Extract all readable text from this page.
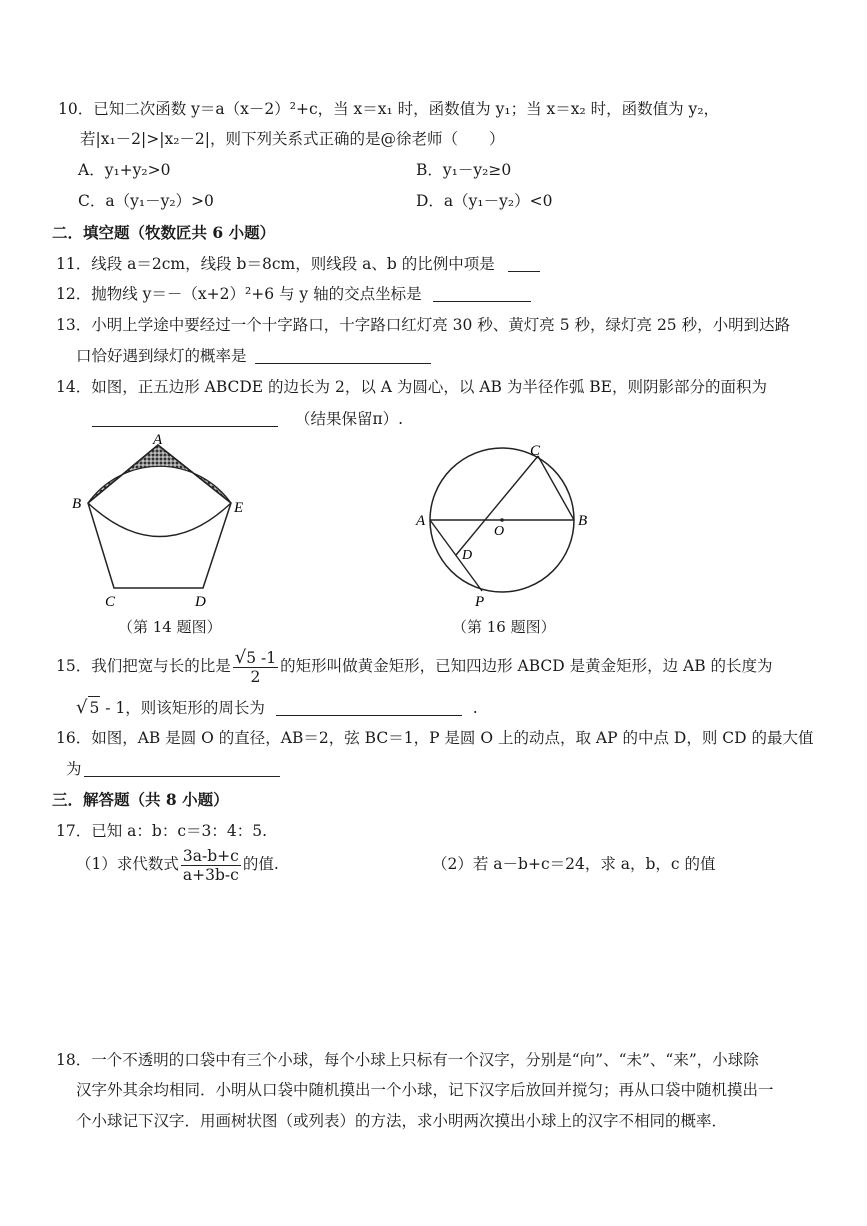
10．已知二次函数 y＝a（x－2）²+c，当 x＝x₁ 时，函数值为 y₁；当 x＝x₂ 时，函数值为 y₂，
若|x₁－2|>|x₂－2|，则下列关系式正确的是@徐老师（　　）
A．y₁+y₂>0	B．y₁－y₂≥0
C．a（y₁－y₂）>0	D．a（y₁－y₂）<0
二．填空题（牧数匠共 6 小题）
11．线段 a＝2cm，线段 b＝8cm，则线段 a、b 的比例中项是
12．抛物线 y＝－（x+2）²+6 与 y 轴的交点坐标是
13．小明上学途中要经过一个十字路口，十字路口红灯亮 30 秒、黄灯亮 5 秒，绿灯亮 25 秒，小明到达路
口恰好遇到绿灯的概率是
14．如图，正五边形 ABCDE 的边长为 2，以 A 为圆心，以 AB 为半径作弧 BE，则阴影部分的面积为
（结果保留π）.
A
B	E
C	D
（第 14 题图）
C
A	B
O
D
P
（第 16 题图）
15．我们把宽与长的比是 $\frac{√5 -1}{2}$ 的矩形叫做黄金矩形，已知四边形 ABCD 是黄金矩形，边 AB 的长度为
√ 5 - 1，则该矩形的周长为	.
16．如图，AB 是圆 O 的直径，AB＝2，弦 BC＝1，P 是圆 O 上的动点，取 AP 的中点 D，则 CD 的最大值
为
三．解答题（共 8 小题）
17．已知 a：b：c＝3：4：5.
（1）求代数式 $\frac{3a-b+c}{a+3b-c}$ 的值.	（2）若 a－b+c＝24，求 a，b，c 的值
18．一个不透明的口袋中有三个小球，每个小球上只标有一个汉字，分别是“向”、“未”、“来”，小球除
汉字外其余均相同．小明从口袋中随机摸出一个小球，记下汉字后放回并搅匀；再从口袋中随机摸出一
个小球记下汉字．用画树状图（或列表）的方法，求小明两次摸出小球上的汉字不相同的概率．
